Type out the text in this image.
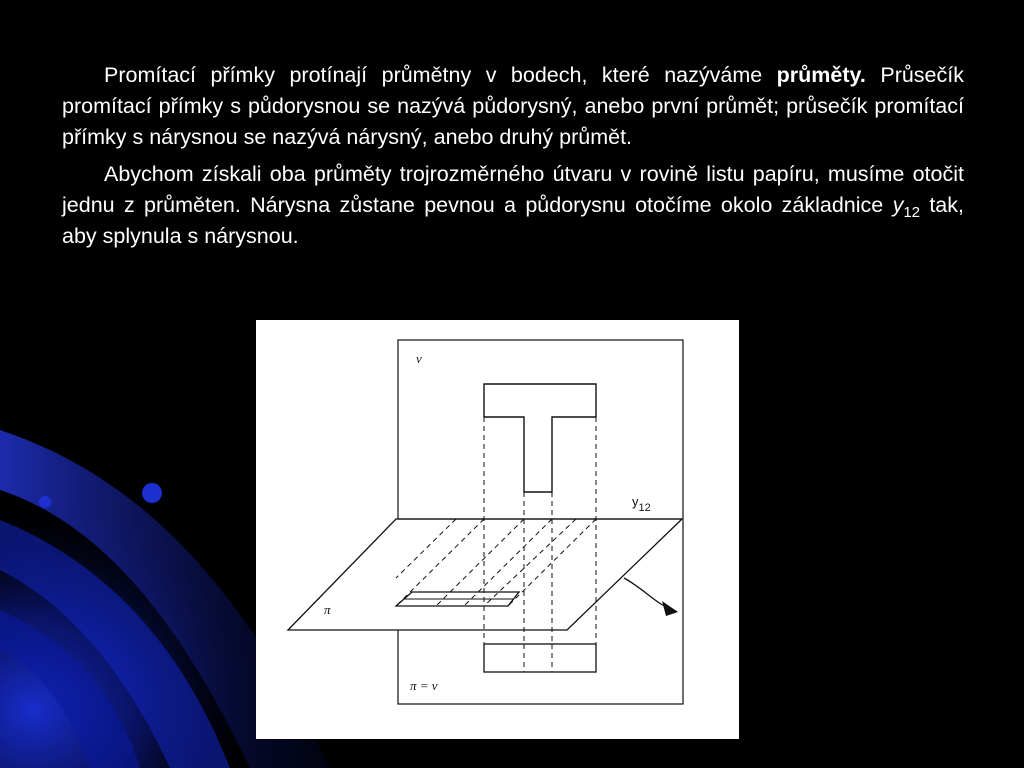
Promítací přímky protínají průmětny v bodech, které nazýváme průměty. Průsečík promítací přímky s půdorysnou se nazývá půdorysný, anebo první průmět; průsečík promítací přímky s nárysnou se nazývá nárysný, anebo druhý průmět.

Abychom získali oba průměty trojrozměrného útvaru v rovině listu papíru, musíme otočit jednu z průměten. Nárysna zůstane pevnou a půdorysnu otočíme okolo základnice $y_{12}$ tak, aby splynula s nárysnou.

v
$y_{12}$
π
π = v
